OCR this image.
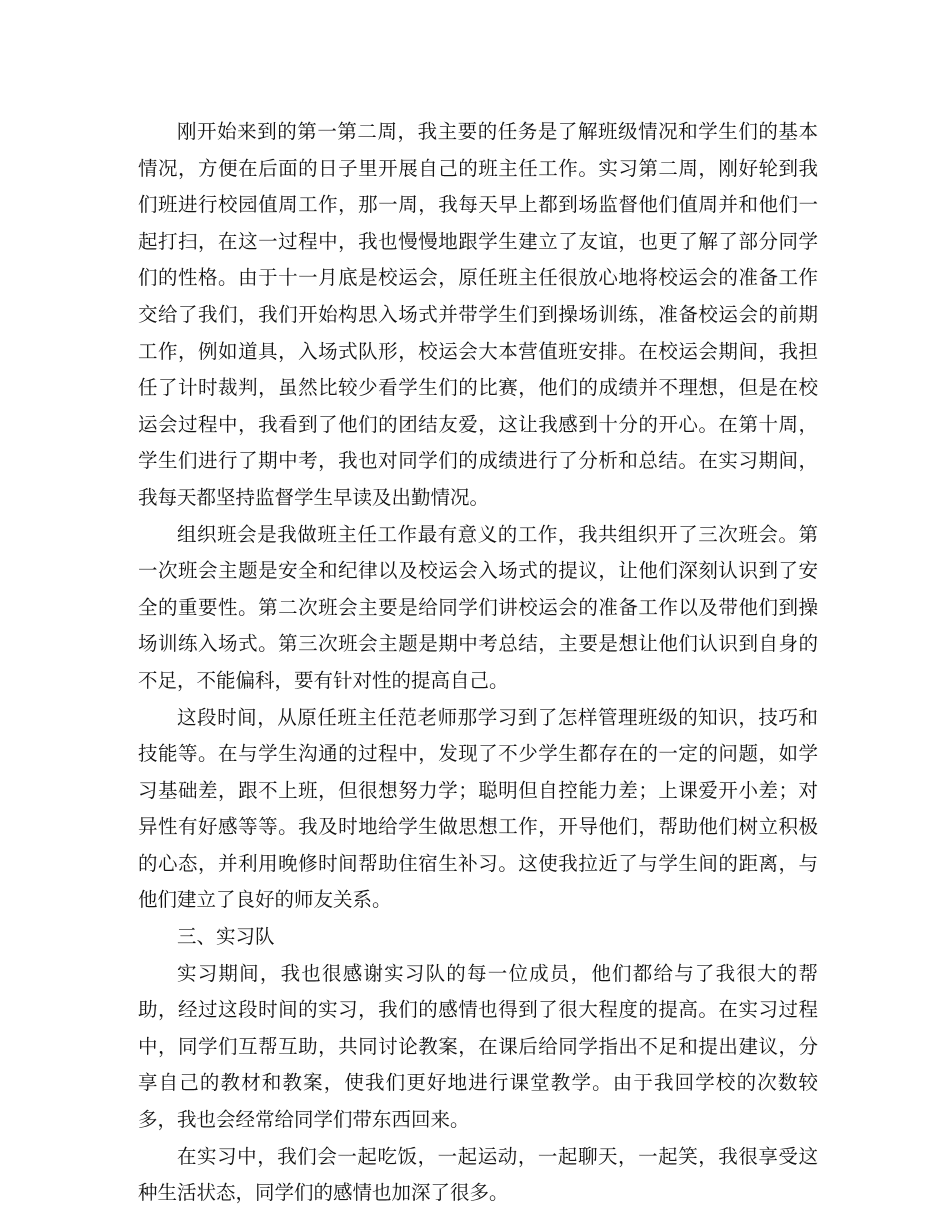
刚开始来到的第一第二周，我主要的任务是了解班级情况和学生们的基本情况，方便在后面的日子里开展自己的班主任工作。实习第二周，刚好轮到我们班进行校园值周工作，那一周，我每天早上都到场监督他们值周并和他们一起打扫，在这一过程中，我也慢慢地跟学生建立了友谊，也更了解了部分同学们的性格。由于十一月底是校运会，原任班主任很放心地将校运会的准备工作交给了我们，我们开始构思入场式并带学生们到操场训练，准备校运会的前期工作，例如道具，入场式队形，校运会大本营值班安排。在校运会期间，我担任了计时裁判，虽然比较少看学生们的比赛，他们的成绩并不理想，但是在校运会过程中，我看到了他们的团结友爱，这让我感到十分的开心。在第十周，学生们进行了期中考，我也对同学们的成绩进行了分析和总结。在实习期间，我每天都坚持监督学生早读及出勤情况。

组织班会是我做班主任工作最有意义的工作，我共组织开了三次班会。第一次班会主题是安全和纪律以及校运会入场式的提议，让他们深刻认识到了安全的重要性。第二次班会主要是给同学们讲校运会的准备工作以及带他们到操场训练入场式。第三次班会主题是期中考总结，主要是想让他们认识到自身的不足，不能偏科，要有针对性的提高自己。

这段时间，从原任班主任范老师那学习到了怎样管理班级的知识，技巧和技能等。在与学生沟通的过程中，发现了不少学生都存在的一定的问题，如学习基础差，跟不上班，但很想努力学；聪明但自控能力差；上课爱开小差；对异性有好感等等。我及时地给学生做思想工作，开导他们，帮助他们树立积极的心态，并利用晚修时间帮助住宿生补习。这使我拉近了与学生间的距离，与他们建立了良好的师友关系。

三、实习队

实习期间，我也很感谢实习队的每一位成员，他们都给与了我很大的帮助，经过这段时间的实习，我们的感情也得到了很大程度的提高。在实习过程中，同学们互帮互助，共同讨论教案，在课后给同学指出不足和提出建议，分享自己的教材和教案，使我们更好地进行课堂教学。由于我回学校的次数较多，我也会经常给同学们带东西回来。

在实习中，我们会一起吃饭，一起运动，一起聊天，一起笑，我很享受这种生活状态，同学们的感情也加深了很多。
